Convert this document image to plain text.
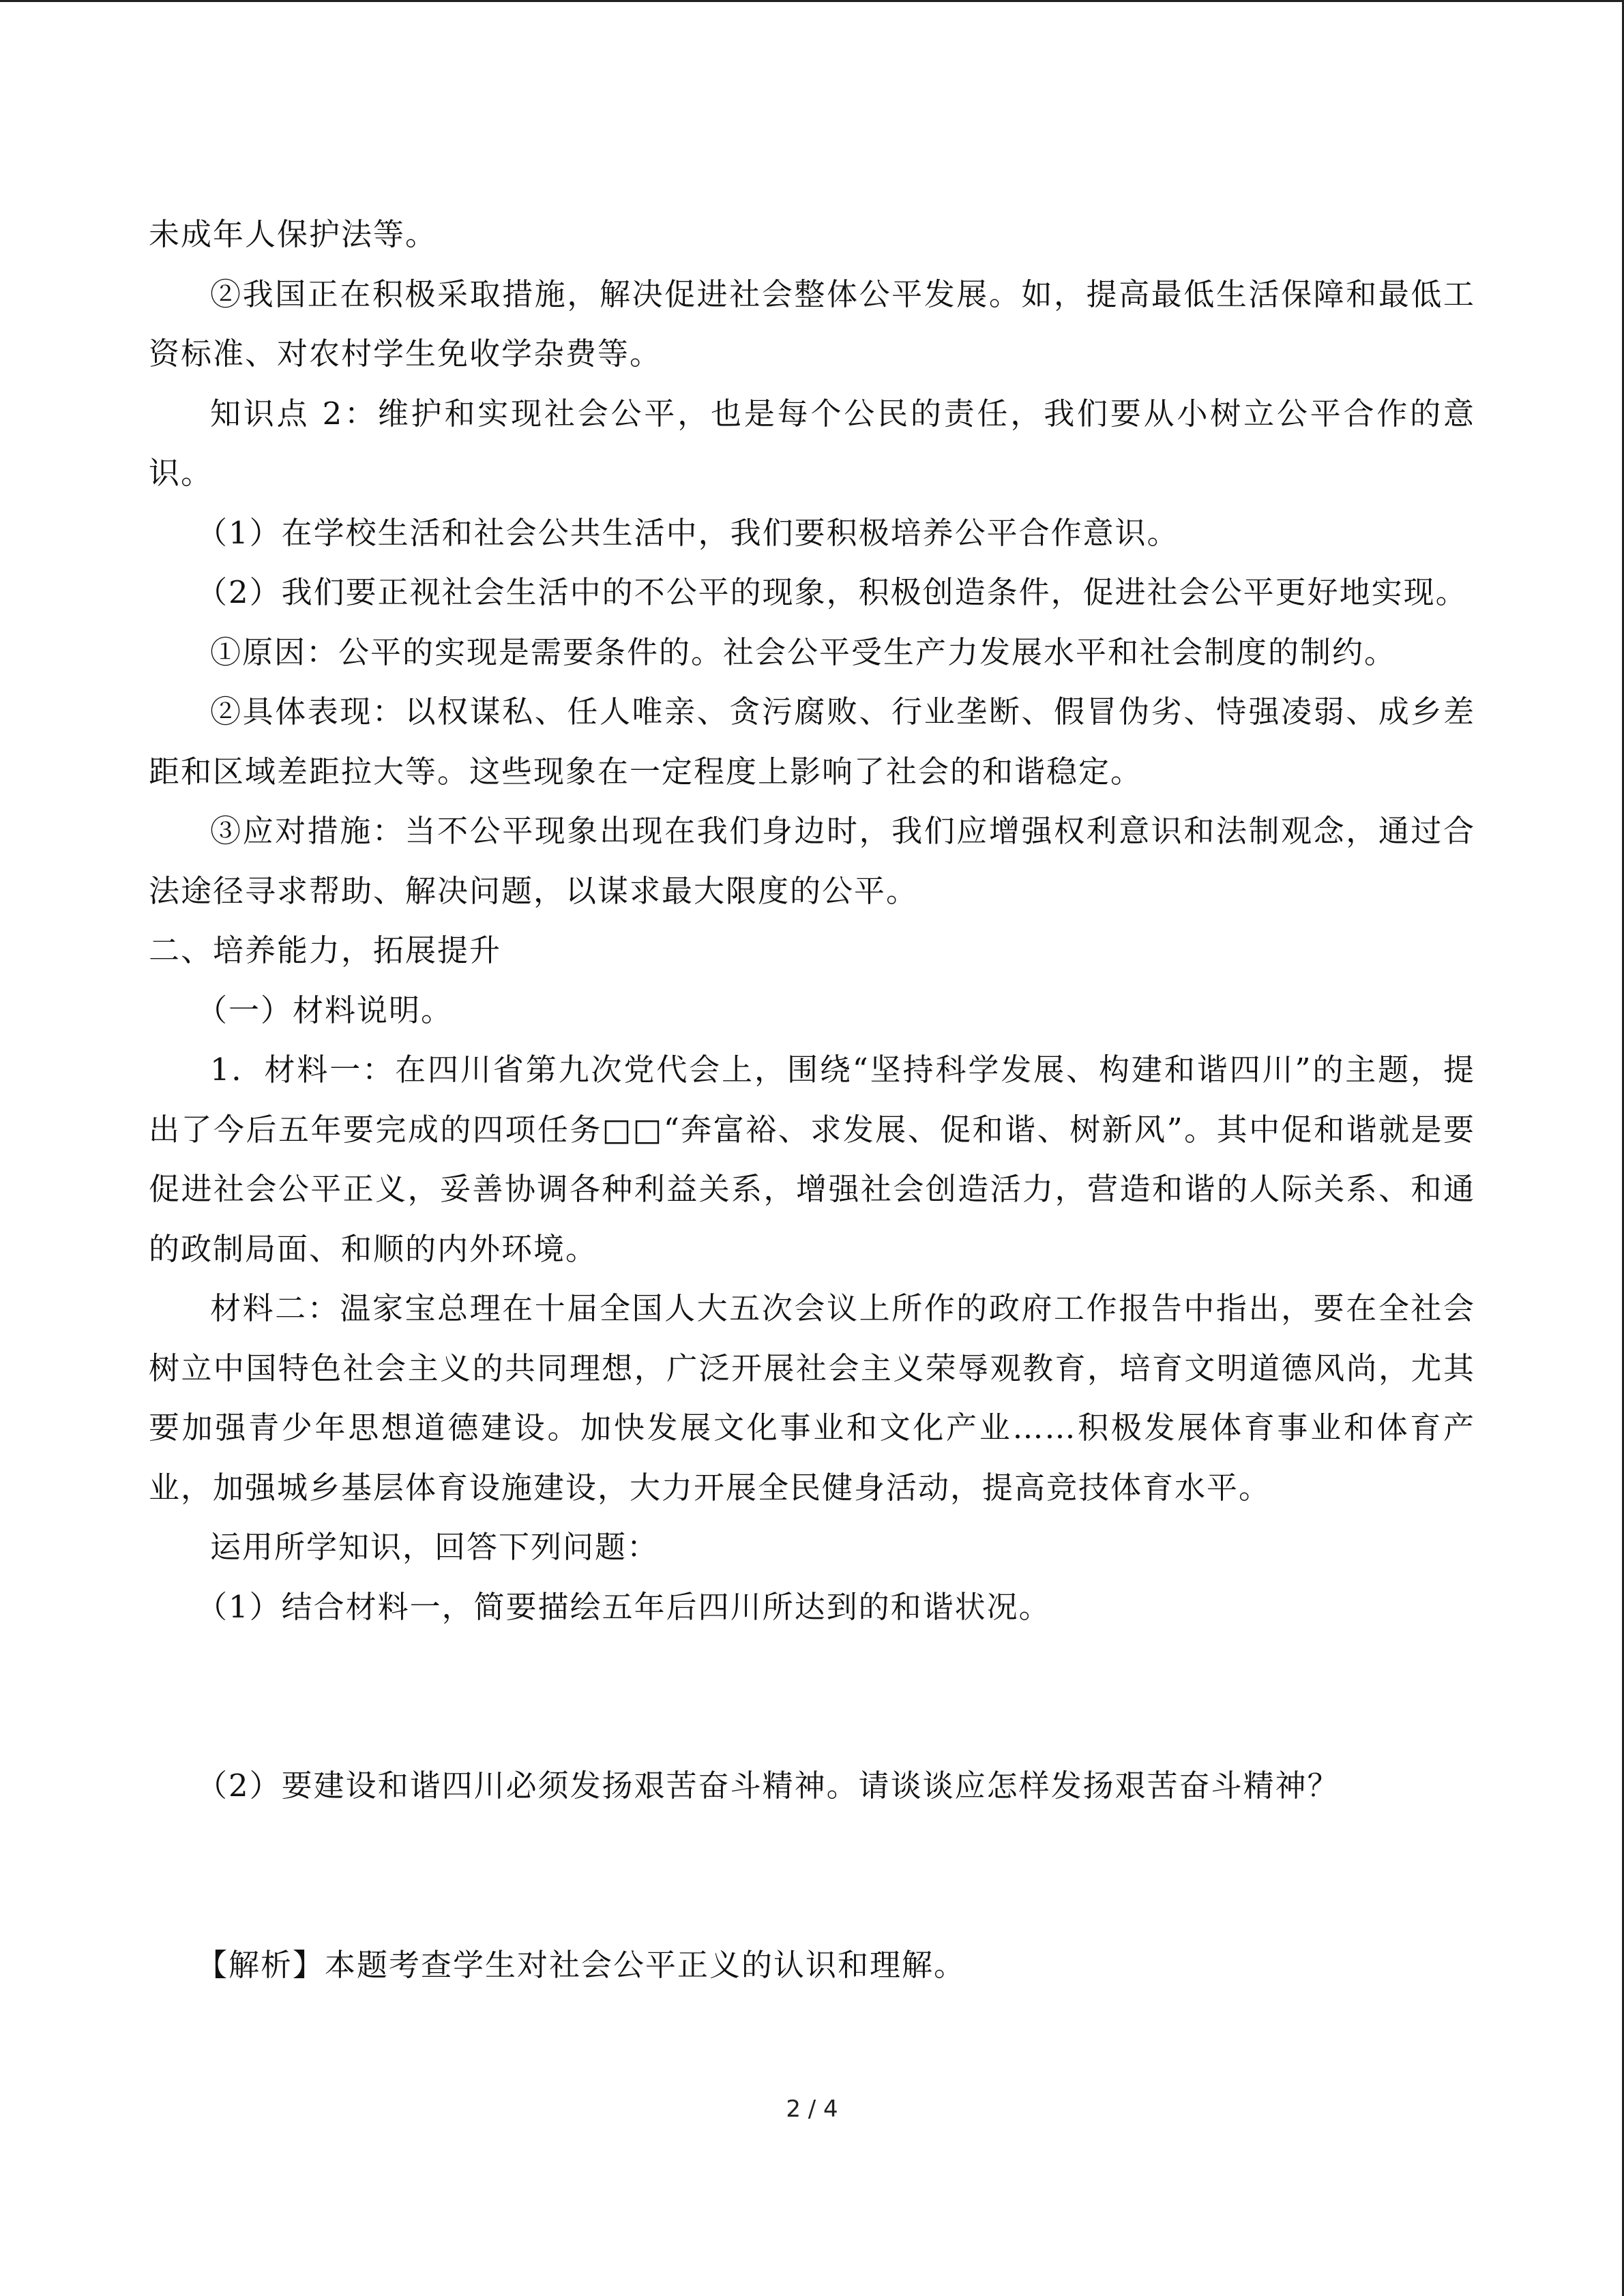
未成年人保护法等。

②我国正在积极采取措施，解决促进社会整体公平发展。如，提高最低生活保障和最低工资标准、对农村学生免收学杂费等。

知识点 2：维护和实现社会公平，也是每个公民的责任，我们要从小树立公平合作的意识。

（1）在学校生活和社会公共生活中，我们要积极培养公平合作意识。

（2）我们要正视社会生活中的不公平的现象，积极创造条件，促进社会公平更好地实现。

①原因：公平的实现是需要条件的。社会公平受生产力发展水平和社会制度的制约。

②具体表现：以权谋私、任人唯亲、贪污腐败、行业垄断、假冒伪劣、恃强凌弱、成乡差距和区域差距拉大等。这些现象在一定程度上影响了社会的和谐稳定。

③应对措施：当不公平现象出现在我们身边时，我们应增强权利意识和法制观念，通过合法途径寻求帮助、解决问题，以谋求最大限度的公平。

二、培养能力，拓展提升

（一）材料说明。

1．材料一：在四川省第九次党代会上，围绕“坚持科学发展、构建和谐四川”的主题，提出了今后五年要完成的四项任务□□“奔富裕、求发展、促和谐、树新风”。其中促和谐就是要促进社会公平正义，妥善协调各种利益关系，增强社会创造活力，营造和谐的人际关系、和通的政制局面、和顺的内外环境。

材料二：温家宝总理在十届全国人大五次会议上所作的政府工作报告中指出，要在全社会树立中国特色社会主义的共同理想，广泛开展社会主义荣辱观教育，培育文明道德风尚，尤其要加强青少年思想道德建设。加快发展文化事业和文化产业……积极发展体育事业和体育产业，加强城乡基层体育设施建设，大力开展全民健身活动，提高竞技体育水平。

运用所学知识，回答下列问题：

（1）结合材料一，简要描绘五年后四川所达到的和谐状况。

（2）要建设和谐四川必须发扬艰苦奋斗精神。请谈谈应怎样发扬艰苦奋斗精神？

【解析】本题考查学生对社会公平正义的认识和理解。

2 / 4
